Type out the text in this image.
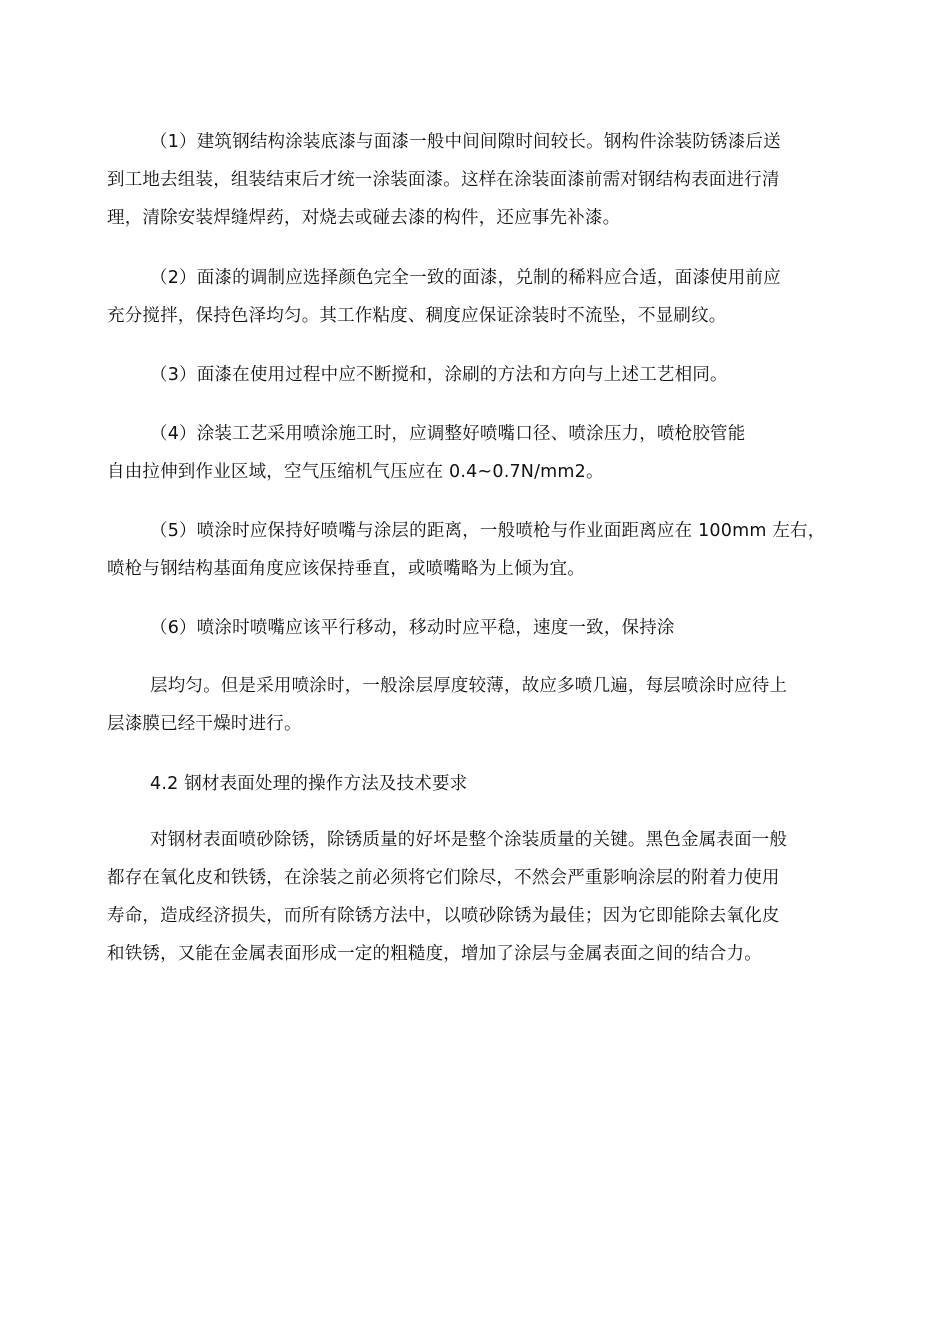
（1）建筑钢结构涂装底漆与面漆一般中间间隙时间较长。钢构件涂装防锈漆后送
到工地去组装，组装结束后才统一涂装面漆。这样在涂装面漆前需对钢结构表面进行清
理，清除安装焊缝焊药，对烧去或碰去漆的构件，还应事先补漆。
（2）面漆的调制应选择颜色完全一致的面漆，兑制的稀料应合适，面漆使用前应
充分搅拌，保持色泽均匀。其工作粘度、稠度应保证涂装时不流坠，不显刷纹。
（3）面漆在使用过程中应不断搅和，涂刷的方法和方向与上述工艺相同。
（4）涂装工艺采用喷涂施工时，应调整好喷嘴口径、喷涂压力，喷枪胶管能
自由拉伸到作业区域，空气压缩机气压应在 0.4~0.7N/mm2。
（5）喷涂时应保持好喷嘴与涂层的距离，一般喷枪与作业面距离应在 100mm 左右，
喷枪与钢结构基面角度应该保持垂直，或喷嘴略为上倾为宜。
（6）喷涂时喷嘴应该平行移动，移动时应平稳，速度一致，保持涂
层均匀。但是采用喷涂时，一般涂层厚度较薄，故应多喷几遍，每层喷涂时应待上
层漆膜已经干燥时进行。
4.2 钢材表面处理的操作方法及技术要求
对钢材表面喷砂除锈，除锈质量的好坏是整个涂装质量的关键。黑色金属表面一般
都存在氧化皮和铁锈，在涂装之前必须将它们除尽，不然会严重影响涂层的附着力使用
寿命，造成经济损失，而所有除锈方法中，以喷砂除锈为最佳；因为它即能除去氧化皮
和铁锈，又能在金属表面形成一定的粗糙度，增加了涂层与金属表面之间的结合力。
